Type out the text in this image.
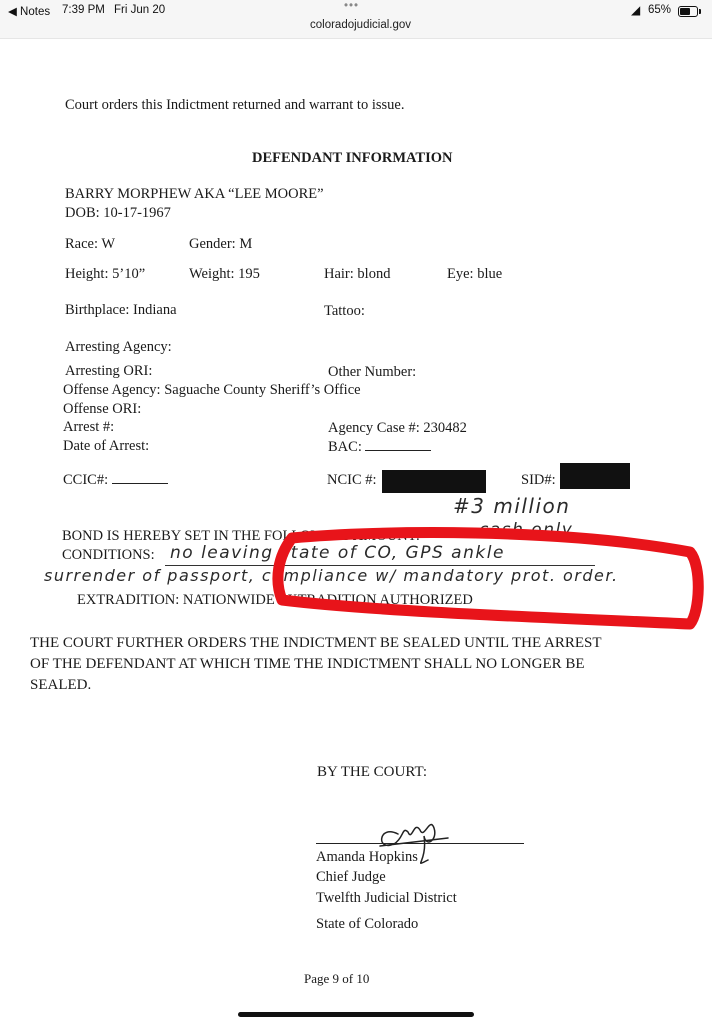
◀ Notes 7:39 PM Fri Jun 20	•••
coloradojudicial.gov
◢ 65%
Court orders this Indictment returned and warrant to issue.
DEFENDANT INFORMATION
BARRY MORPHEW AKA “LEE MOORE”
DOB: 10-17-1967
Race: W	Gender: M
Height: 5’10”	Weight: 195	Hair: blond	Eye: blue
Birthplace: Indiana	Tattoo:
Arresting Agency:
Arresting ORI:	Other Number:
Offense Agency: Saguache County Sheriff’s Office
Offense ORI:
Arrest #:	Agency Case #: 230482
Date of Arrest:	BAC:
CCIC#:	NCIC #:	SID#:
#3 million
BOND IS HEREBY SET IN THE FOLLOWING AMOUNT:	cash only
CONDITIONS: no leaving state of CO, GPS ankle
surrender of passport, compliance w/ mandatory prot. order.
EXTRADITION: NATIONWIDE EXTRADITION AUTHORIZED
THE COURT FURTHER ORDERS THE INDICTMENT BE SEALED UNTIL THE ARREST
OF THE DEFENDANT AT WHICH TIME THE INDICTMENT SHALL NO LONGER BE
SEALED.
BY THE COURT:
Amanda Hopkins
Chief Judge
Twelfth Judicial District
State of Colorado
Page 9 of 10
